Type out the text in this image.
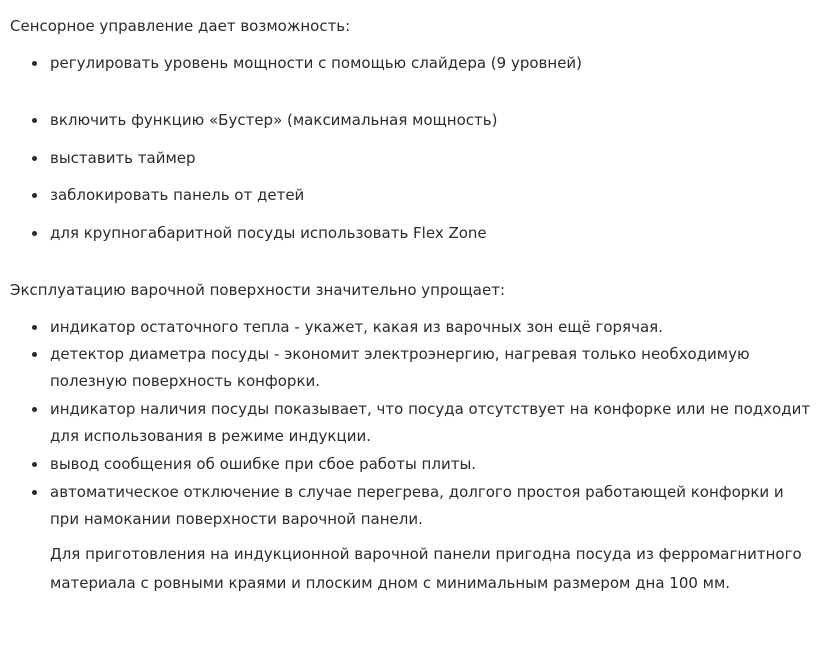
Сенсорное управление дает возможность:

регулировать уровень мощности с помощью слайдера (9 уровней)
включить функцию «Бустер» (максимальная мощность)
выставить таймер
заблокировать панель от детей
для крупногабаритной посуды использовать Flex Zone

Эксплуатацию варочной поверхности значительно упрощает:

индикатор остаточного тепла - укажет, какая из варочных зон ещё горячая.
детектор диаметра посуды - экономит электроэнергию, нагревая только необходимую полезную поверхность конфорки.
индикатор наличия посуды показывает, что посуда отсутствует на конфорке или не подходит для использования в режиме индукции.
вывод сообщения об ошибке при сбое работы плиты.
автоматическое отключение в случае перегрева, долгого простоя работающей конфорки и при намокании поверхности варочной панели.

Для приготовления на индукционной варочной панели пригодна посуда из ферромагнитного материала с ровными краями и плоским дном с минимальным размером дна 100 мм.
